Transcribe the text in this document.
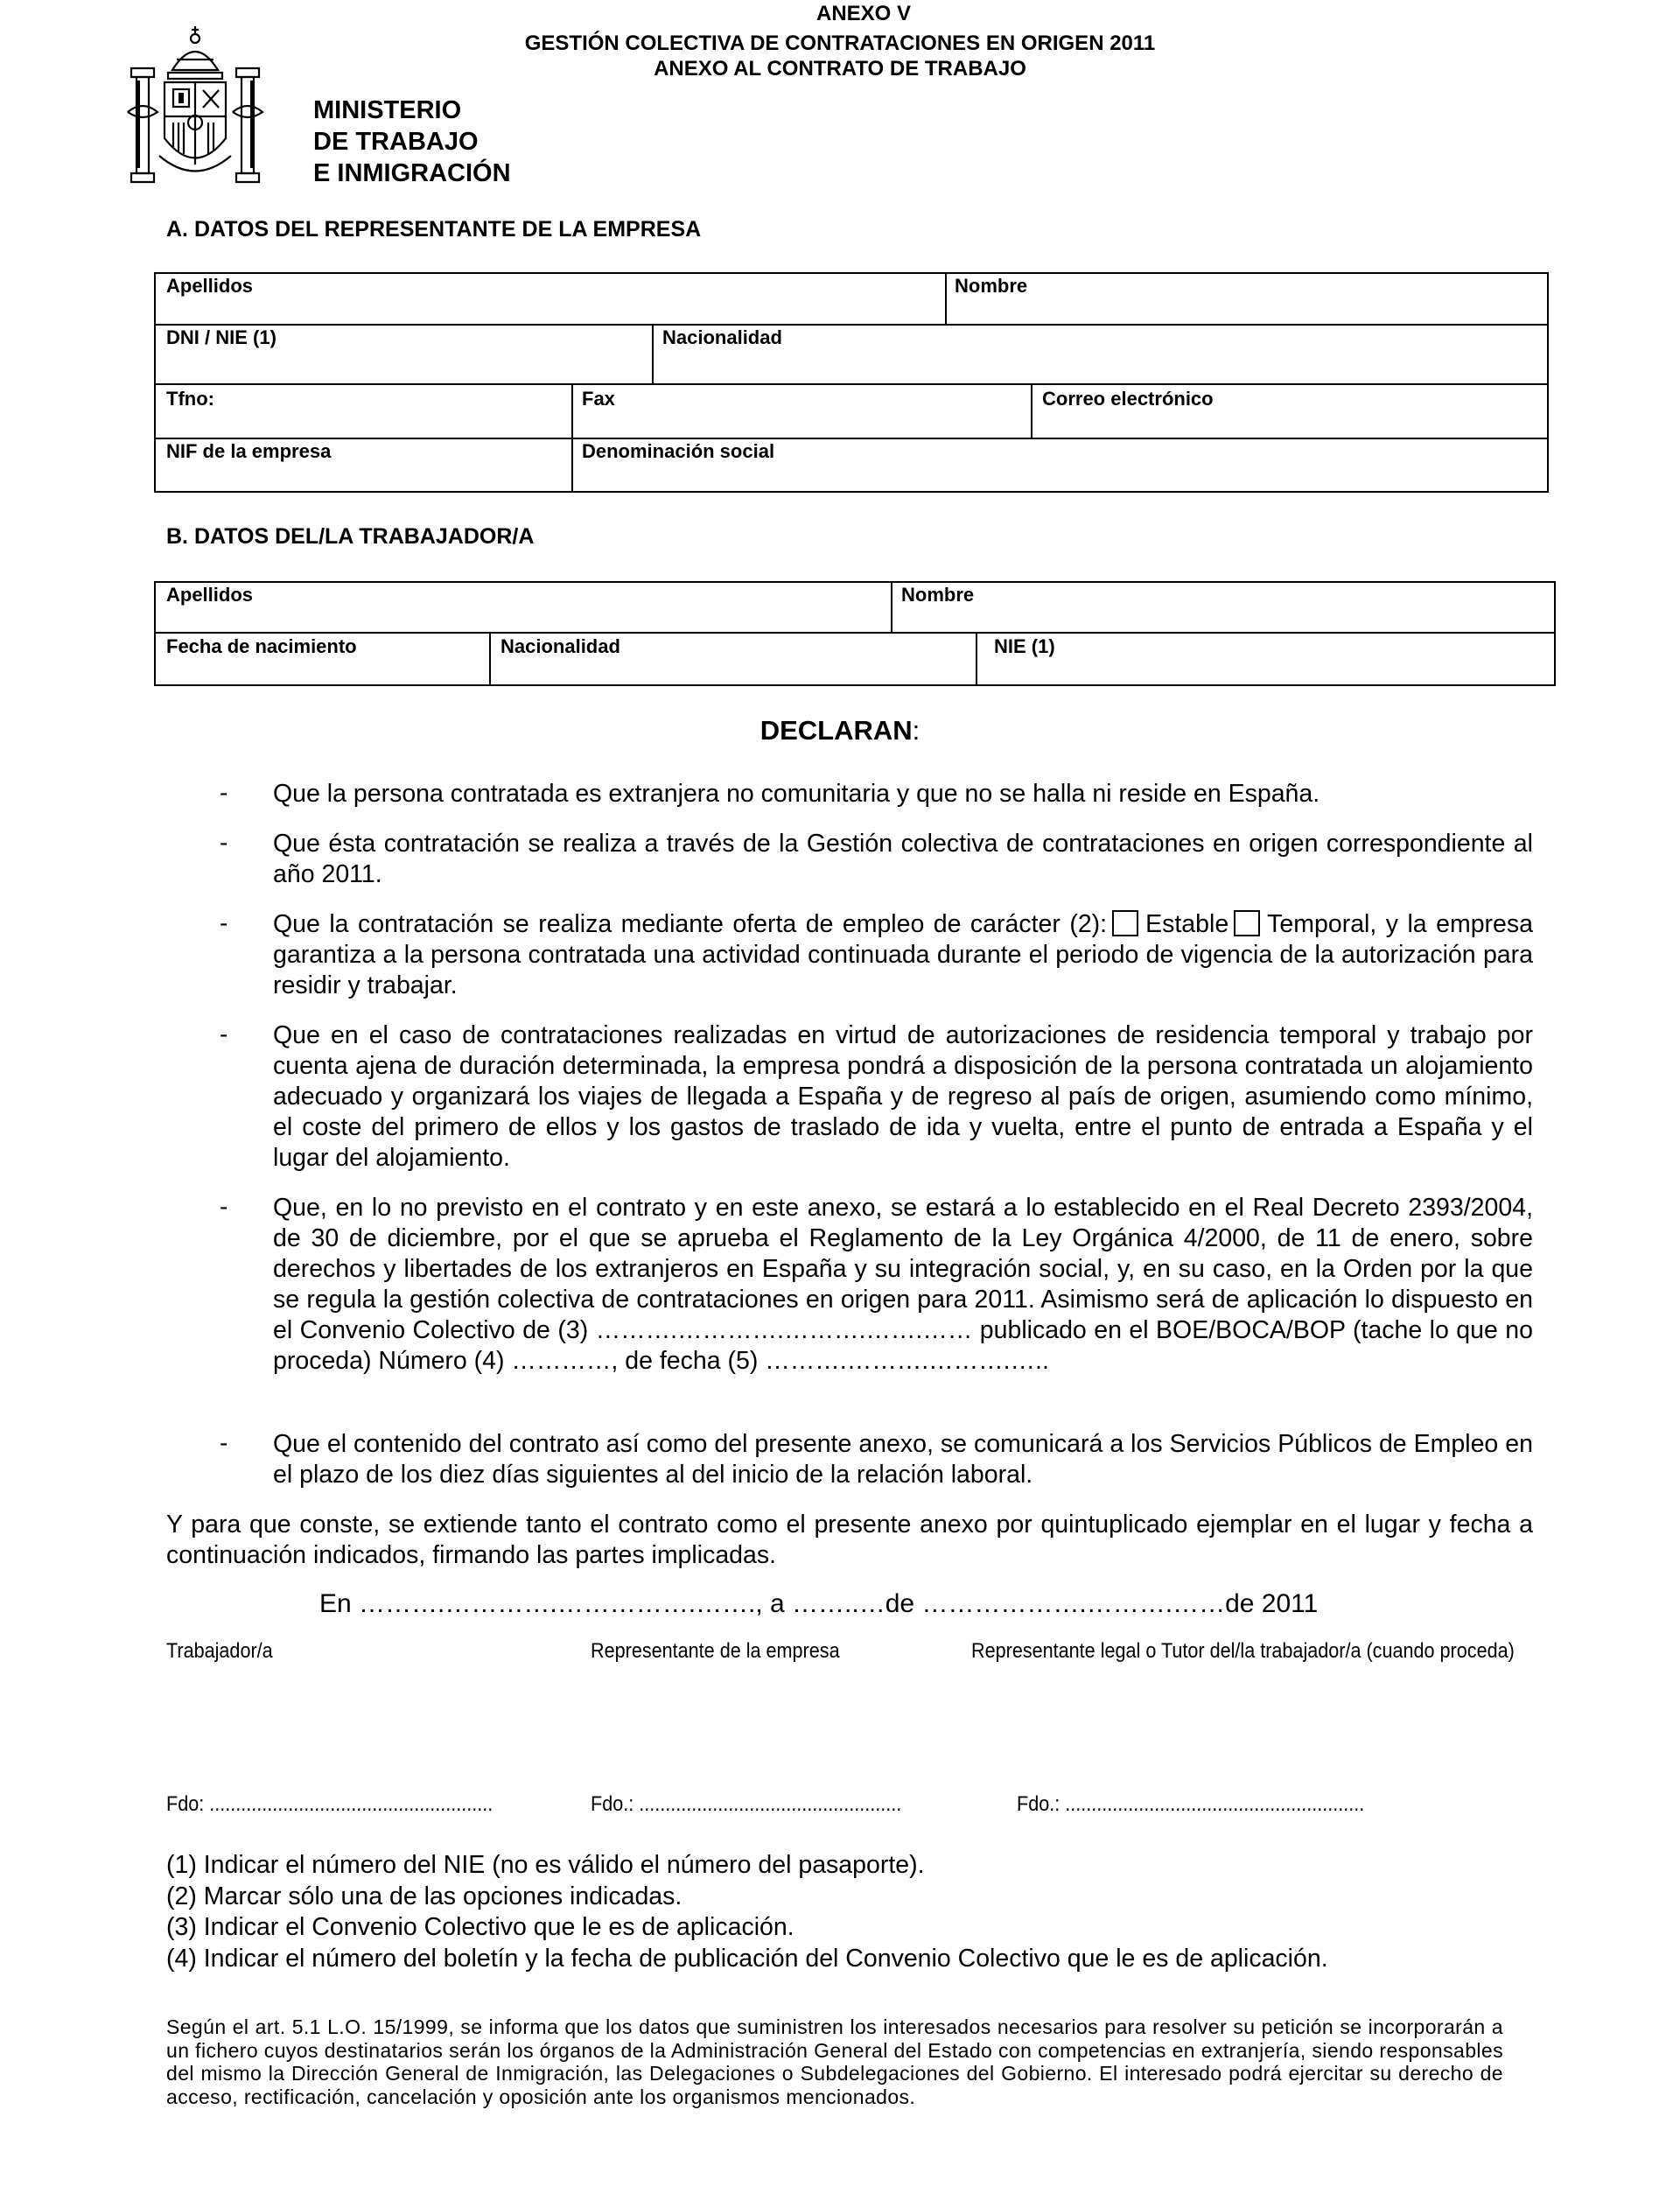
ANEXO V
GESTIÓN COLECTIVA DE CONTRATACIONES EN ORIGEN 2011
ANEXO AL CONTRATO DE TRABAJO
MINISTERIO
DE TRABAJO
E INMIGRACIÓN
A. DATOS DEL REPRESENTANTE DE LA EMPRESA
Apellidos	Nombre
DNI / NIE (1)	Nacionalidad
Tfno:	Fax	Correo electrónico
NIF de la empresa	Denominación social
B. DATOS DEL/LA TRABAJADOR/A
Apellidos	Nombre
Fecha de nacimiento	Nacionalidad	NIE (1)
DECLARAN:
- Que la persona contratada es extranjera no comunitaria y que no se halla ni reside en España.
- Que ésta contratación se realiza a través de la Gestión colectiva de contrataciones en origen correspondiente al año 2011.
- Que la contratación se realiza mediante oferta de empleo de carácter (2): Estable Temporal, y la empresa garantiza a la persona contratada una actividad continuada durante el periodo de vigencia de la autorización para residir y trabajar.
- Que en el caso de contrataciones realizadas en virtud de autorizaciones de residencia temporal y trabajo por cuenta ajena de duración determinada, la empresa pondrá a disposición de la persona contratada un alojamiento adecuado y organizará los viajes de llegada a España y de regreso al país de origen, asumiendo como mínimo, el coste del primero de ellos y los gastos de traslado de ida y vuelta, entre el punto de entrada a España y el lugar del alojamiento.
- Que, en lo no previsto en el contrato y en este anexo, se estará a lo establecido en el Real Decreto 2393/2004, de 30 de diciembre, por el que se aprueba el Reglamento de la Ley Orgánica 4/2000, de 11 de enero, sobre derechos y libertades de los extranjeros en España y su integración social, y, en su caso, en la Orden por la que se regula la gestión colectiva de contrataciones en origen para 2011. Asimismo será de aplicación lo dispuesto en el Convenio Colectivo de (3) ……….………….……….…….…… publicado en el BOE/BOCA/BOP (tache lo que no proceda) Número (4) …………, de fecha (5) ……….……….……….…..
- Que el contenido del contrato así como del presente anexo, se comunicará a los Servicios Públicos de Empleo en el plazo de los diez días siguientes al del inicio de la relación laboral.
Y para que conste, se extiende tanto el contrato como el presente anexo por quintuplicado ejemplar en el lugar y fecha a continuación indicados, firmando las partes implicadas.
En ……….………….…………….……., a ……..…de ……………….……….……de 2011
Trabajador/a	Representante de la empresa	Representante legal o Tutor del/la trabajador/a (cuando proceda)
Fdo: ......................................................	Fdo.: ..................................................	Fdo.: .........................................................
(1) Indicar el número del NIE (no es válido el número del pasaporte).
(2) Marcar sólo una de las opciones indicadas.
(3) Indicar el Convenio Colectivo que le es de aplicación.
(4) Indicar el número del boletín y la fecha de publicación del Convenio Colectivo que le es de aplicación.
Según el art. 5.1 L.O. 15/1999, se informa que los datos que suministren los interesados necesarios para resolver su petición se incorporarán a un fichero cuyos destinatarios serán los órganos de la Administración General del Estado con competencias en extranjería, siendo responsables del mismo la Dirección General de Inmigración, las Delegaciones o Subdelegaciones del Gobierno. El interesado podrá ejercitar su derecho de acceso, rectificación, cancelación y oposición ante los organismos mencionados.
